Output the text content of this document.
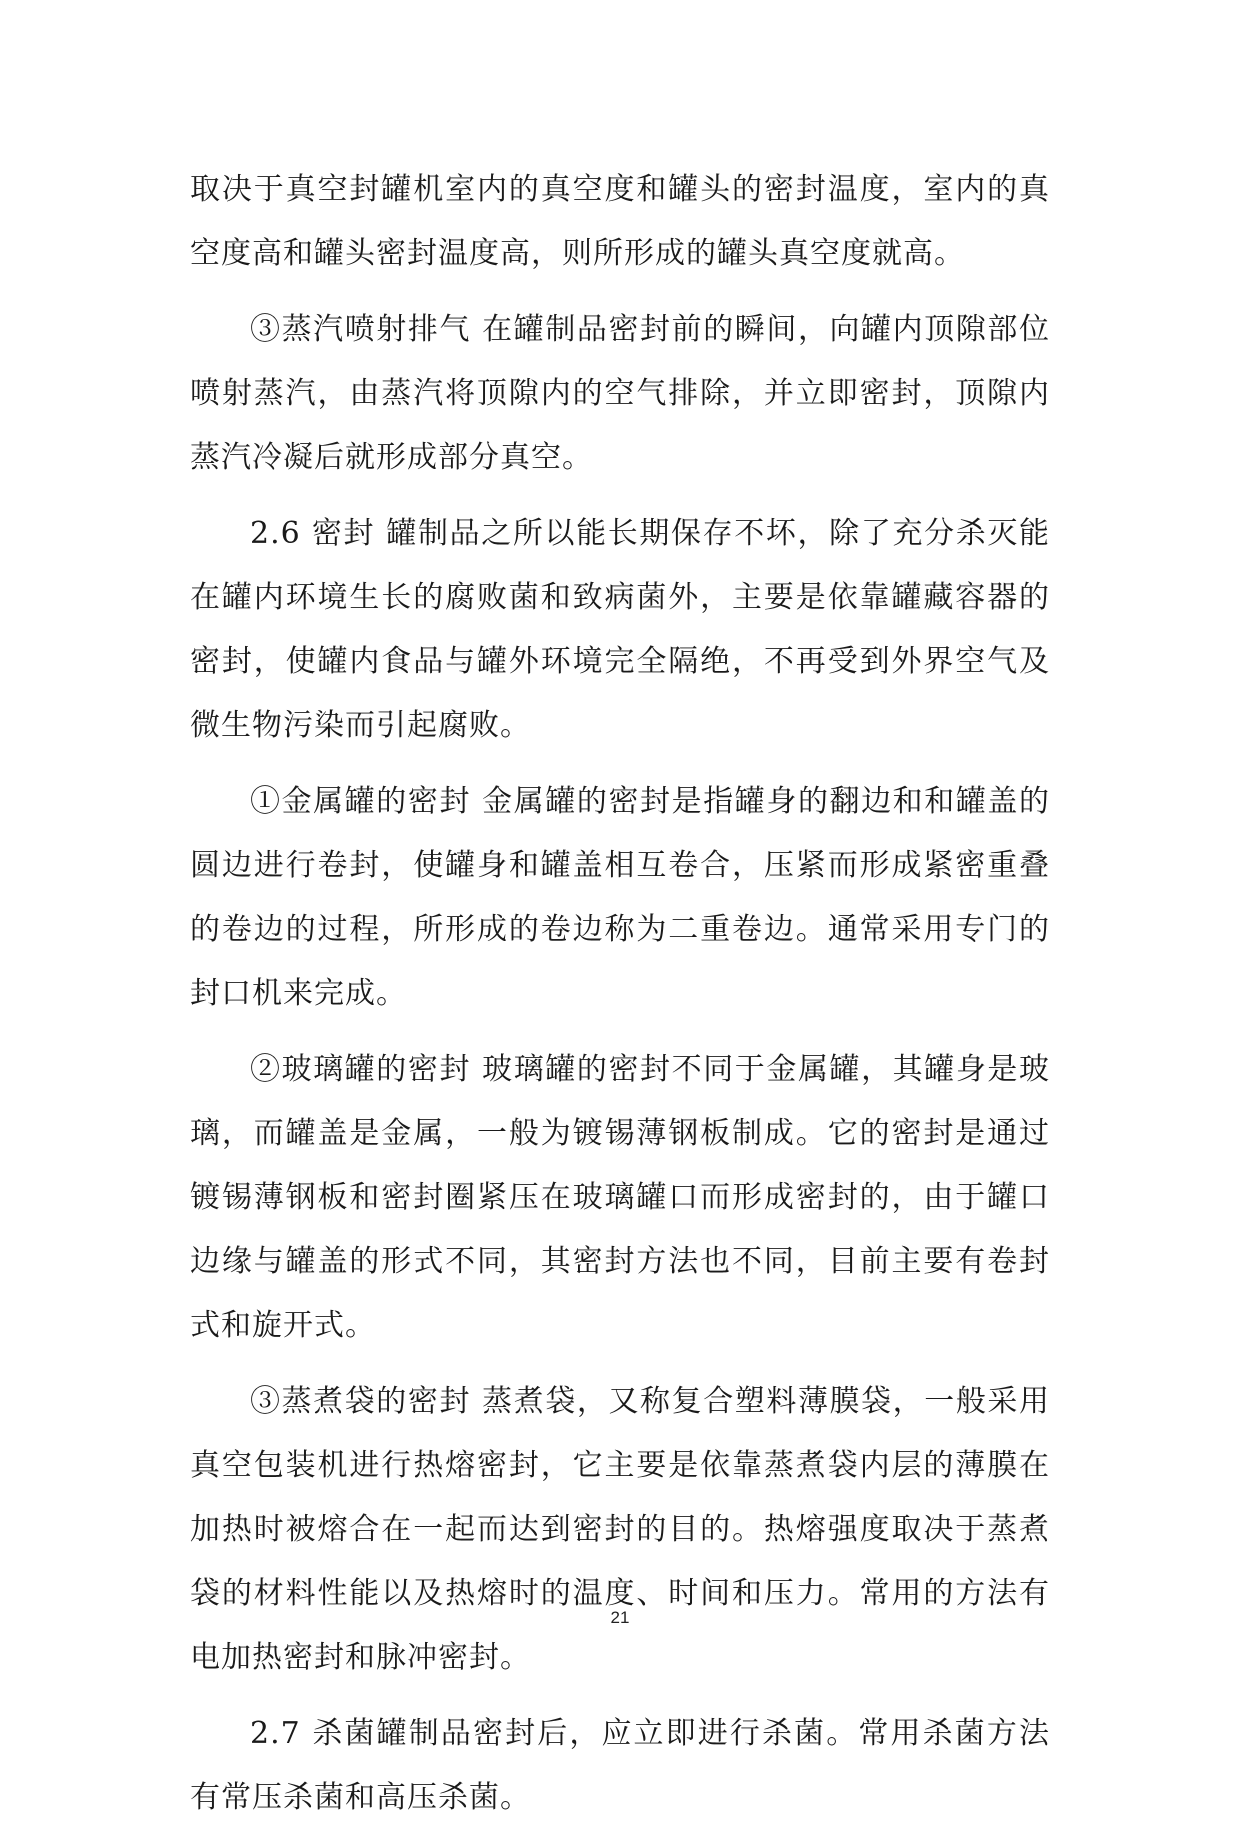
取决于真空封罐机室内的真空度和罐头的密封温度，室内的真空度高和罐头密封温度高，则所形成的罐头真空度就高。

③蒸汽喷射排气 在罐制品密封前的瞬间，向罐内顶隙部位喷射蒸汽，由蒸汽将顶隙内的空气排除，并立即密封，顶隙内蒸汽冷凝后就形成部分真空。

2.6 密封 罐制品之所以能长期保存不坏，除了充分杀灭能在罐内环境生长的腐败菌和致病菌外，主要是依靠罐藏容器的密封，使罐内食品与罐外环境完全隔绝，不再受到外界空气及微生物污染而引起腐败。

①金属罐的密封 金属罐的密封是指罐身的翻边和和罐盖的圆边进行卷封，使罐身和罐盖相互卷合，压紧而形成紧密重叠的卷边的过程，所形成的卷边称为二重卷边。通常采用专门的封口机来完成。

②玻璃罐的密封 玻璃罐的密封不同于金属罐，其罐身是玻璃，而罐盖是金属，一般为镀锡薄钢板制成。它的密封是通过镀锡薄钢板和密封圈紧压在玻璃罐口而形成密封的，由于罐口边缘与罐盖的形式不同，其密封方法也不同，目前主要有卷封式和旋开式。

③蒸煮袋的密封 蒸煮袋，又称复合塑料薄膜袋，一般采用真空包装机进行热熔密封，它主要是依靠蒸煮袋内层的薄膜在加热时被熔合在一起而达到密封的目的。热熔强度取决于蒸煮袋的材料性能以及热熔时的温度、时间和压力。常用的方法有电加热密封和脉冲密封。

2.7 杀菌罐制品密封后，应立即进行杀菌。常用杀菌方法有常压杀菌和高压杀菌。

21
